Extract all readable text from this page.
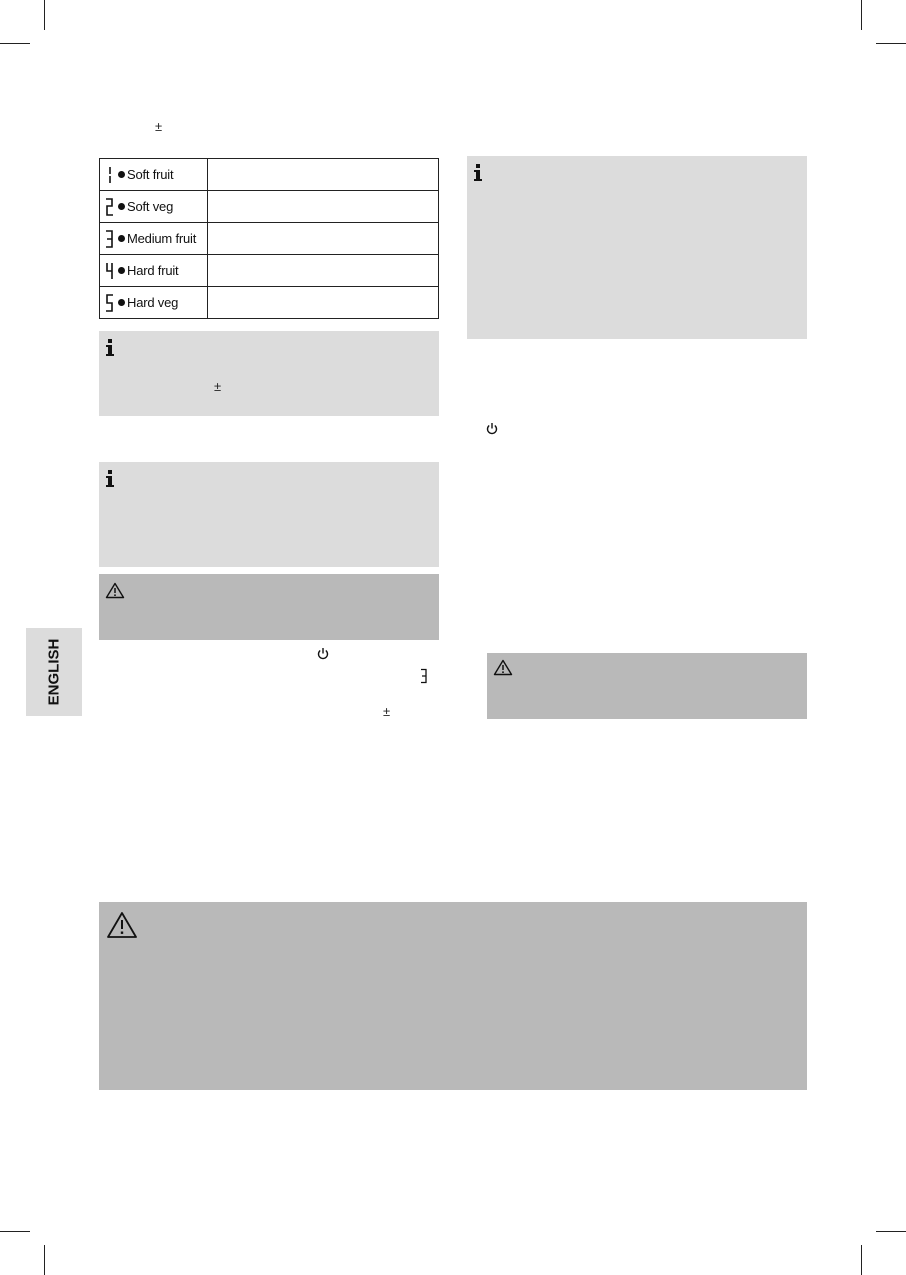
±
Soft fruit	

Soft veg	

Medium fruit	

Hard fruit	

Hard veg	

±
±
ENGLISH
